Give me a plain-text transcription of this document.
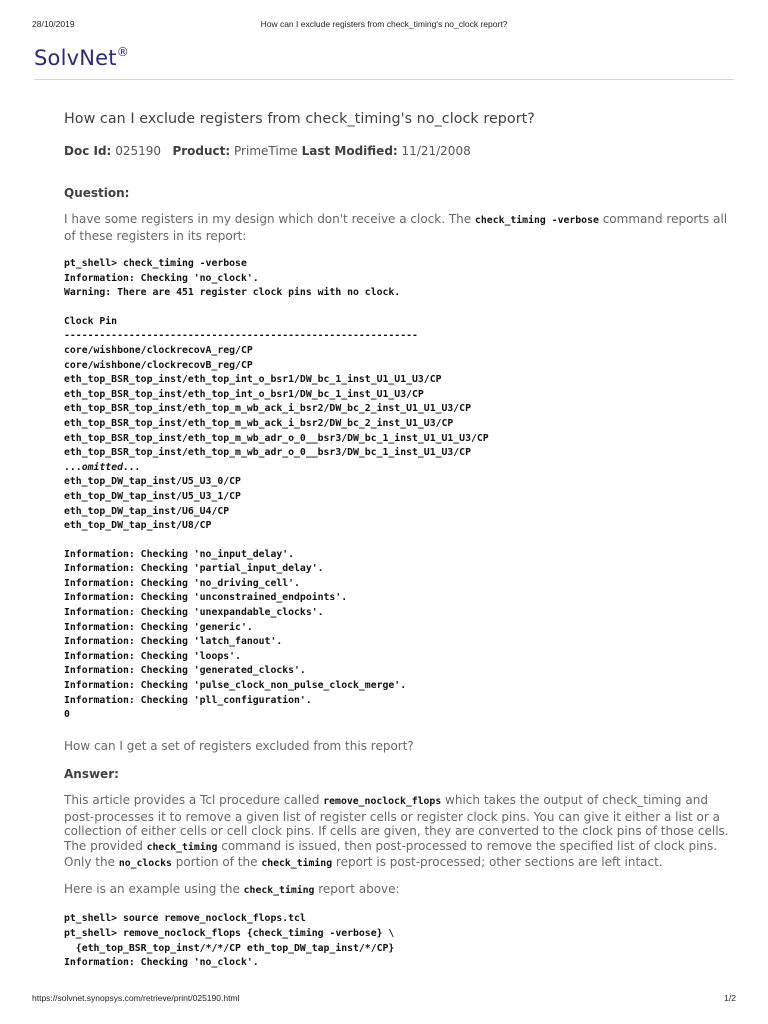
28/10/2019	How can I exclude registers from check_timing's no_clock report?
SolvNet®
How can I exclude registers from check_timing's no_clock report?
Doc Id: 025190 Product: PrimeTime Last Modified: 11/21/2008
Question:

I have some registers in my design which don't receive a clock. The check_timing -verbose command reports all of these registers in its report:

pt_shell> check_timing -verbose
Information: Checking 'no_clock'.
Warning: There are 451 register clock pins with no clock.
Clock Pin
------------------------------------------------------------
core/wishbone/clockrecovA_reg/CP
core/wishbone/clockrecovB_reg/CP
eth_top_BSR_top_inst/eth_top_int_o_bsr1/DW_bc_1_inst_U1_U1_U3/CP
eth_top_BSR_top_inst/eth_top_int_o_bsr1/DW_bc_1_inst_U1_U3/CP
eth_top_BSR_top_inst/eth_top_m_wb_ack_i_bsr2/DW_bc_2_inst_U1_U1_U3/CP
eth_top_BSR_top_inst/eth_top_m_wb_ack_i_bsr2/DW_bc_2_inst_U1_U3/CP
eth_top_BSR_top_inst/eth_top_m_wb_adr_o_0__bsr3/DW_bc_1_inst_U1_U1_U3/CP
eth_top_BSR_top_inst/eth_top_m_wb_adr_o_0__bsr3/DW_bc_1_inst_U1_U3/CP
...omitted...
eth_top_DW_tap_inst/U5_U3_0/CP
eth_top_DW_tap_inst/U5_U3_1/CP
eth_top_DW_tap_inst/U6_U4/CP
eth_top_DW_tap_inst/U8/CP
Information: Checking 'no_input_delay'.
Information: Checking 'partial_input_delay'.
Information: Checking 'no_driving_cell'.
Information: Checking 'unconstrained_endpoints'.
Information: Checking 'unexpandable_clocks'.
Information: Checking 'generic'.
Information: Checking 'latch_fanout'.
Information: Checking 'loops'.
Information: Checking 'generated_clocks'.
Information: Checking 'pulse_clock_non_pulse_clock_merge'.
Information: Checking 'pll_configuration'.
0

How can I get a set of registers excluded from this report?

Answer:

This article provides a Tcl procedure called remove_noclock_flops which takes the output of check_timing and post-processes it to remove a given list of register cells or register clock pins. You can give it either a list or a collection of either cells or cell clock pins. If cells are given, they are converted to the clock pins of those cells. The provided check_timing command is issued, then post-processed to remove the specified list of clock pins. Only the no_clocks portion of the check_timing report is post-processed; other sections are left intact.

Here is an example using the check_timing report above:

pt_shell> source remove_noclock_flops.tcl
pt_shell> remove_noclock_flops {check_timing -verbose} \
{eth_top_BSR_top_inst/*/*/CP eth_top_DW_tap_inst/*/CP}
Information: Checking 'no_clock'.
https://solvnet.synopsys.com/retrieve/print/025190.html	1/2
